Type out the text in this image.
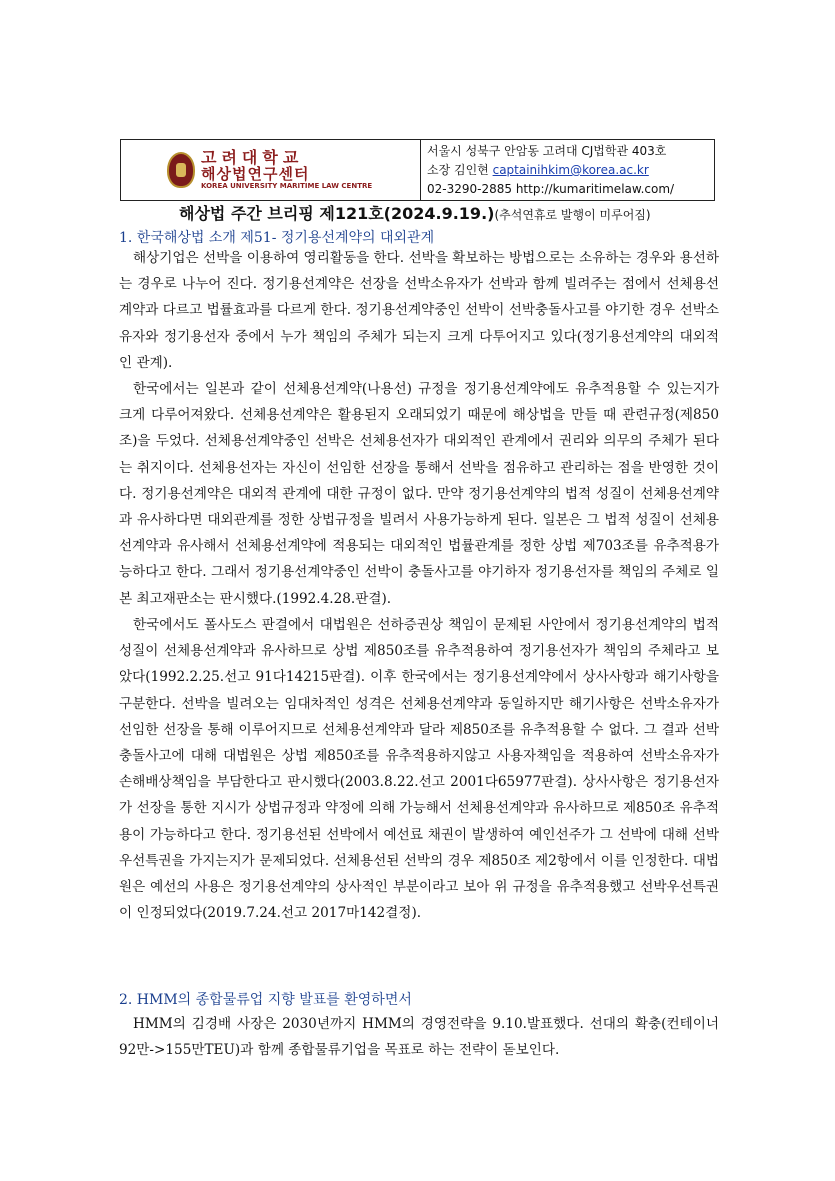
고려대학교
해상법연구센터
KOREA UNIVERSITY MARITIME LAW CENTRE
서울시 성북구 안암동 고려대 CJ법학관 403호
소장 김인현 captainihkim@korea.ac.kr
02-3290-2885 http://kumaritimelaw.com/
해상법 주간 브리핑 제121호(2024.9.19.)(추석연휴로 발행이 미루어짐)
1. 한국해상법 소개 제51- 정기용선계약의 대외관계

해상기업은 선박을 이용하여 영리활동을 한다. 선박을 확보하는 방법으로는 소유하는 경우와 용선하는 경우로 나누어 진다. 정기용선계약은 선장을 선박소유자가 선박과 함께 빌려주는 점에서 선체용선계약과 다르고 법률효과를 다르게 한다. 정기용선계약중인 선박이 선박충돌사고를 야기한 경우 선박소유자와 정기용선자 중에서 누가 책임의 주체가 되는지 크게 다투어지고 있다(정기용선계약의 대외적인 관계).

한국에서는 일본과 같이 선체용선계약(나용선) 규정을 정기용선계약에도 유추적용할 수 있는지가 크게 다루어져왔다. 선체용선계약은 활용된지 오래되었기 때문에 해상법을 만들 때 관련규정(제850조)을 두었다. 선체용선계약중인 선박은 선체용선자가 대외적인 관계에서 권리와 의무의 주체가 된다는 취지이다. 선체용선자는 자신이 선임한 선장을 통해서 선박을 점유하고 관리하는 점을 반영한 것이다. 정기용선계약은 대외적 관계에 대한 규정이 없다. 만약 정기용선계약의 법적 성질이 선체용선계약과 유사하다면 대외관계를 정한 상법규정을 빌려서 사용가능하게 된다. 일본은 그 법적 성질이 선체용선계약과 유사해서 선체용선계약에 적용되는 대외적인 법률관계를 정한 상법 제703조를 유추적용가능하다고 한다. 그래서 정기용선계약중인 선박이 충돌사고를 야기하자 정기용선자를 책임의 주체로 일본 최고재판소는 판시했다.(1992.4.28.판결).

한국에서도 폴사도스 판결에서 대법원은 선하증권상 책임이 문제된 사안에서 정기용선계약의 법적 성질이 선체용선계약과 유사하므로 상법 제850조를 유추적용하여 정기용선자가 책임의 주체라고 보았다(1992.2.25.선고 91다14215판결). 이후 한국에서는 정기용선계약에서 상사사항과 해기사항을 구분한다. 선박을 빌려오는 임대차적인 성격은 선체용선계약과 동일하지만 해기사항은 선박소유자가 선임한 선장을 통해 이루어지므로 선체용선계약과 달라 제850조를 유추적용할 수 없다. 그 결과 선박충돌사고에 대해 대법원은 상법 제850조를 유추적용하지않고 사용자책임을 적용하여 선박소유자가 손해배상책임을 부담한다고 판시했다(2003.8.22.선고 2001다65977판결). 상사사항은 정기용선자가 선장을 통한 지시가 상법규정과 약정에 의해 가능해서 선체용선계약과 유사하므로 제850조 유추적용이 가능하다고 한다. 정기용선된 선박에서 예선료 채권이 발생하여 예인선주가 그 선박에 대해 선박우선특권을 가지는지가 문제되었다. 선체용선된 선박의 경우 제850조 제2항에서 이를 인정한다. 대법원은 예선의 사용은 정기용선계약의 상사적인 부분이라고 보아 위 규정을 유추적용했고 선박우선특권이 인정되었다(2019.7.24.선고 2017마142결정).

2. HMM의 종합물류업 지향 발표를 환영하면서

HMM의 김경배 사장은 2030년까지 HMM의 경영전략을 9.10.발표했다. 선대의 확충(컨테이너 92만->155만TEU)과 함께 종합물류기업을 목표로 하는 전략이 돋보인다.
